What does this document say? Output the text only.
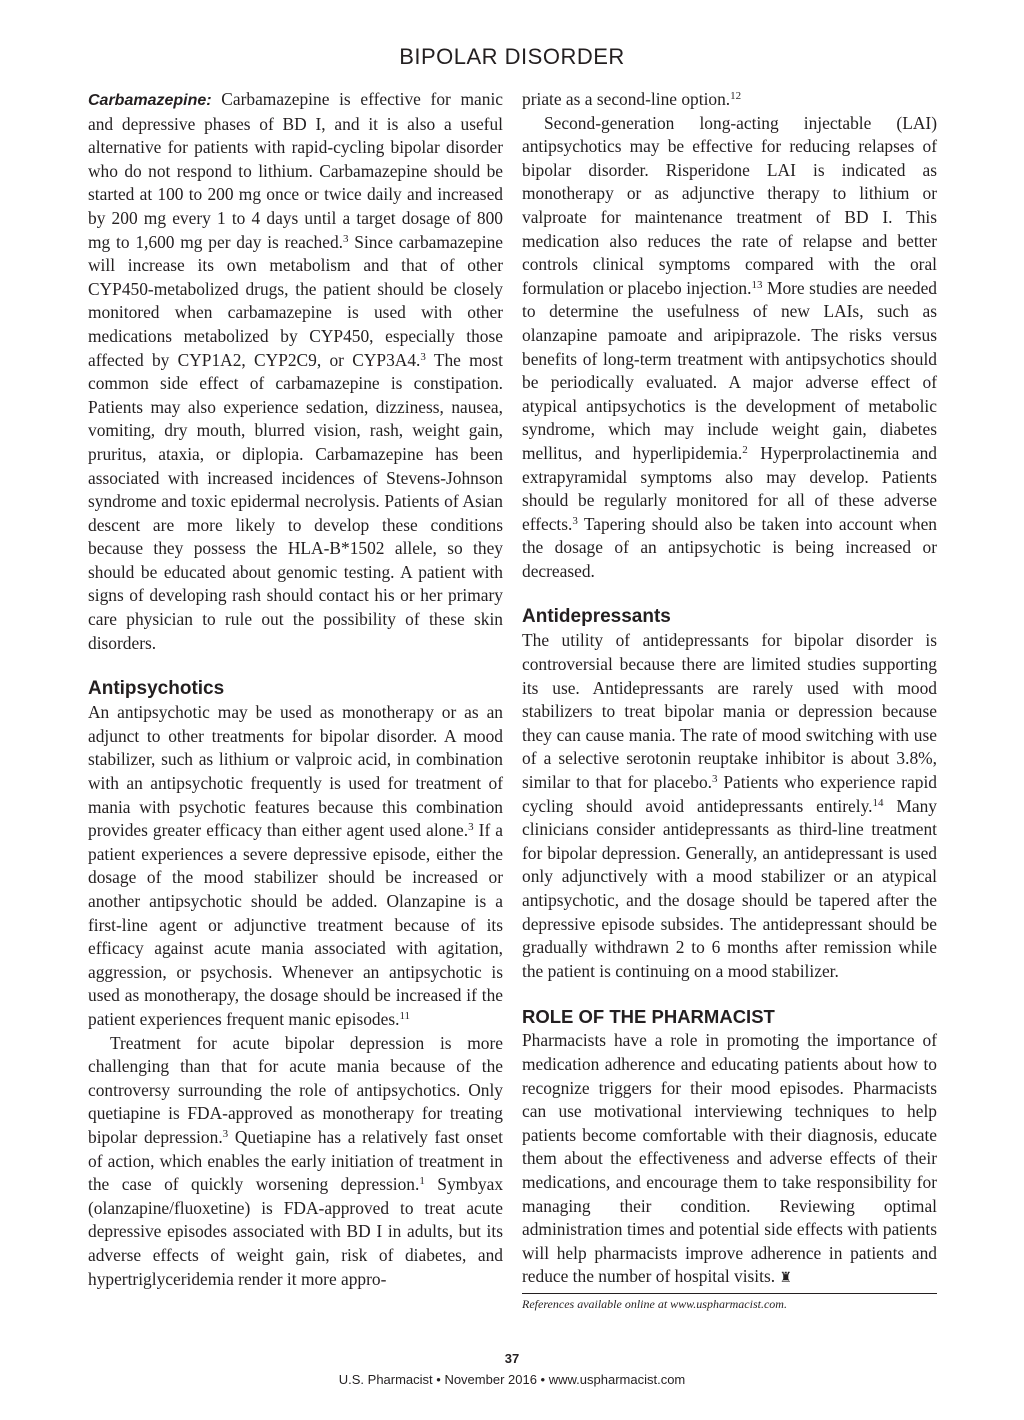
BIPOLAR DISORDER

Carbamazepine: Carbamazepine is effective for manic and depressive phases of BD I, and it is also a useful alternative for patients with rapid-cycling bipolar disorder who do not respond to lithium. Carbamazepine should be started at 100 to 200 mg once or twice daily and increased by 200 mg every 1 to 4 days until a target dosage of 800 mg to 1,600 mg per day is reached.$^3$ Since carbamazepine will increase its own metabolism and that of other CYP450-metabolized drugs, the patient should be closely monitored when carbamazepine is used with other medications metabolized by CYP450, especially those affected by CYP1A2, CYP2C9, or CYP3A4.$^3$ The most common side effect of carbamazepine is constipation. Patients may also experience sedation, dizziness, nausea, vomiting, dry mouth, blurred vision, rash, weight gain, pruritus, ataxia, or diplopia. Carbamazepine has been associated with increased incidences of Stevens-Johnson syndrome and toxic epidermal necrolysis. Patients of Asian descent are more likely to develop these conditions because they possess the HLA-B*1502 allele, so they should be educated about genomic testing. A patient with signs of developing rash should contact his or her primary care physician to rule out the possibility of these skin disorders.

Antipsychotics

An antipsychotic may be used as monotherapy or as an adjunct to other treatments for bipolar disorder. A mood stabilizer, such as lithium or valproic acid, in combination with an antipsychotic frequently is used for treatment of mania with psychotic features because this combination provides greater efficacy than either agent used alone.$^3$ If a patient experiences a severe depressive episode, either the dosage of the mood stabilizer should be increased or another antipsychotic should be added. Olanzapine is a first-line agent or adjunctive treatment because of its efficacy against acute mania associated with agitation, aggression, or psychosis. Whenever an antipsychotic is used as monotherapy, the dosage should be increased if the patient experiences frequent manic episodes.$^{11}$

Treatment for acute bipolar depression is more challenging than that for acute mania because of the controversy surrounding the role of antipsychotics. Only quetiapine is FDA-approved as monotherapy for treating bipolar depression.$^3$ Quetiapine has a relatively fast onset of action, which enables the early initiation of treatment in the case of quickly worsening depression.$^1$ Symbyax (olanzapine/fluoxetine) is FDA-approved to treat acute depressive episodes associated with BD I in adults, but its adverse effects of weight gain, risk of diabetes, and hypertriglyceridemia render it more appro-

priate as a second-line option.$^{12}$

Second-generation long-acting injectable (LAI) antipsychotics may be effective for reducing relapses of bipolar disorder. Risperidone LAI is indicated as monotherapy or as adjunctive therapy to lithium or valproate for maintenance treatment of BD I. This medication also reduces the rate of relapse and better controls clinical symptoms compared with the oral formulation or placebo injection.$^{13}$ More studies are needed to determine the usefulness of new LAIs, such as olanzapine pamoate and aripiprazole. The risks versus benefits of long-term treatment with antipsychotics should be periodically evaluated. A major adverse effect of atypical antipsychotics is the development of metabolic syndrome, which may include weight gain, diabetes mellitus, and hyperlipidemia.$^2$ Hyperprolactinemia and extrapyramidal symptoms also may develop. Patients should be regularly monitored for all of these adverse effects.$^3$ Tapering should also be taken into account when the dosage of an antipsychotic is being increased or decreased.

Antidepressants

The utility of antidepressants for bipolar disorder is controversial because there are limited studies supporting its use. Antidepressants are rarely used with mood stabilizers to treat bipolar mania or depression because they can cause mania. The rate of mood switching with use of a selective serotonin reuptake inhibitor is about 3.8%, similar to that for placebo.$^3$ Patients who experience rapid cycling should avoid antidepressants entirely.$^{14}$ Many clinicians consider antidepressants as third-line treatment for bipolar depression. Generally, an antidepressant is used only adjunctively with a mood stabilizer or an atypical antipsychotic, and the dosage should be tapered after the depressive episode subsides. The antidepressant should be gradually withdrawn 2 to 6 months after remission while the patient is continuing on a mood stabilizer.

ROLE OF THE PHARMACIST

Pharmacists have a role in promoting the importance of medication adherence and educating patients about how to recognize triggers for their mood episodes. Pharmacists can use motivational interviewing techniques to help patients become comfortable with their diagnosis, educate them about the effectiveness and adverse effects of their medications, and encourage them to take responsibility for managing their condition. Reviewing optimal administration times and potential side effects with patients will help pharmacists improve adherence in patients and reduce the number of hospital visits. ♜

References available online at www.uspharmacist.com.
37
U.S. Pharmacist • November 2016 • www.uspharmacist.com
